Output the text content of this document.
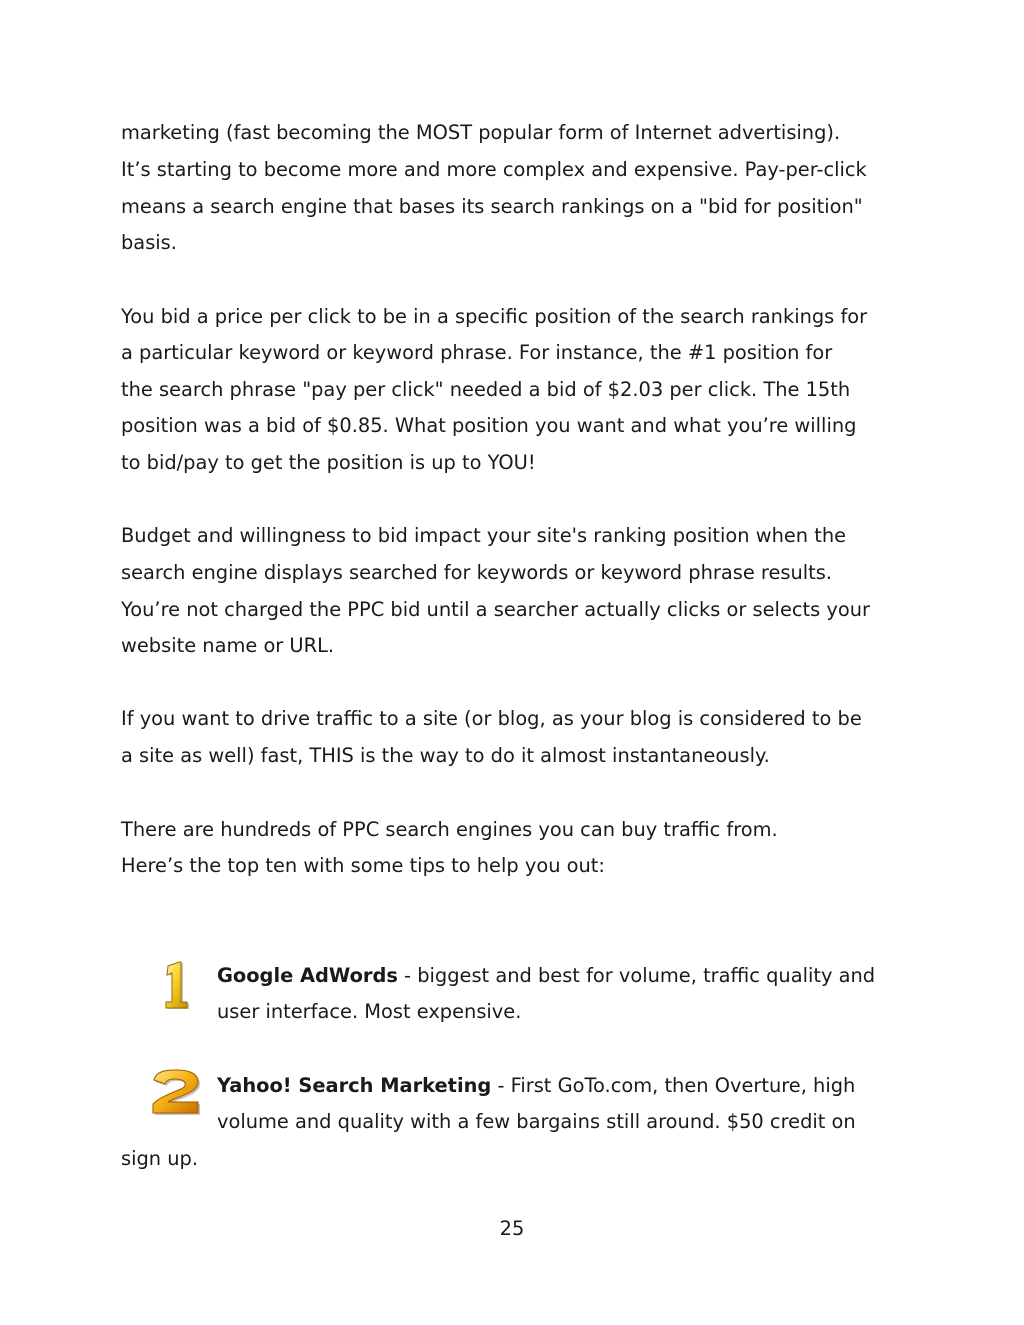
marketing (fast becoming the MOST popular form of Internet advertising).
It’s starting to become more and more complex and expensive. Pay-per-click
means a search engine that bases its search rankings on a "bid for position"
basis.
You bid a price per click to be in a specific position of the search rankings for
a particular keyword or keyword phrase. For instance, the #1 position for
the search phrase "pay per click" needed a bid of $2.03 per click. The 15th
position was a bid of $0.85. What position you want and what you’re willing
to bid/pay to get the position is up to YOU!
Budget and willingness to bid impact your site's ranking position when the
search engine displays searched for keywords or keyword phrase results.
You’re not charged the PPC bid until a searcher actually clicks or selects your
website name or URL.
If you want to drive traffic to a site (or blog, as your blog is considered to be
a site as well) fast, THIS is the way to do it almost instantaneously.
There are hundreds of PPC search engines you can buy traffic from.
Here’s the top ten with some tips to help you out:
Google AdWords - biggest and best for volume, traffic quality and
user interface. Most expensive.
Yahoo! Search Marketing - First GoTo.com, then Overture, high
volume and quality with a few bargains still around. $50 credit on
sign up.
25
